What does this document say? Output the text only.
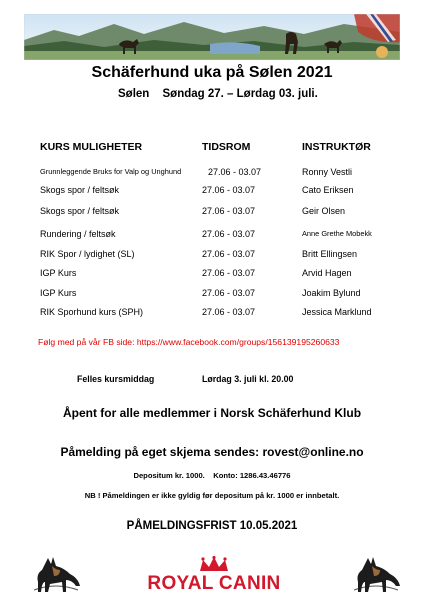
Schäferhund uka på Sølen 2021
Sølen Søndag 27. – Lørdag 03. juli.
KURS MULIGHETER	TIDSROM	INSTRUKTØR
Grunnleggende Bruks for Valp og Unghund	27.06 - 03.07	Ronny Vestli
Skogs spor / feltsøk	27.06 - 03.07	Cato Eriksen
Skogs spor / feltsøk	27.06 - 03.07	Geir Olsen
Rundering / feltsøk	27.06 - 03.07	Anne Grethe Mobekk
RIK Spor / lydighet (SL)	27.06 - 03.07	Britt Ellingsen
IGP Kurs	27.06 - 03.07	Arvid Hagen
IGP Kurs	27.06 - 03.07	Joakim Bylund
RIK Sporhund kurs (SPH)	27.06 - 03.07	Jessica Marklund
Følg med på vår FB side: https://www.facebook.com/groups/156139195260633
Felles kursmiddag	Lørdag 3. juli kl. 20.00
Åpent for alle medlemmer i Norsk Schäferhund Klub
Påmelding på eget skjema sendes: rovest@online.no
Depositum kr. 1000. Konto: 1286.43.46776
NB ! Påmeldingen er ikke gyldig før depositum på kr. 1000 er innbetalt.
PÅMELDINGSFRIST 10.05.2021
ROYAL CANIN
